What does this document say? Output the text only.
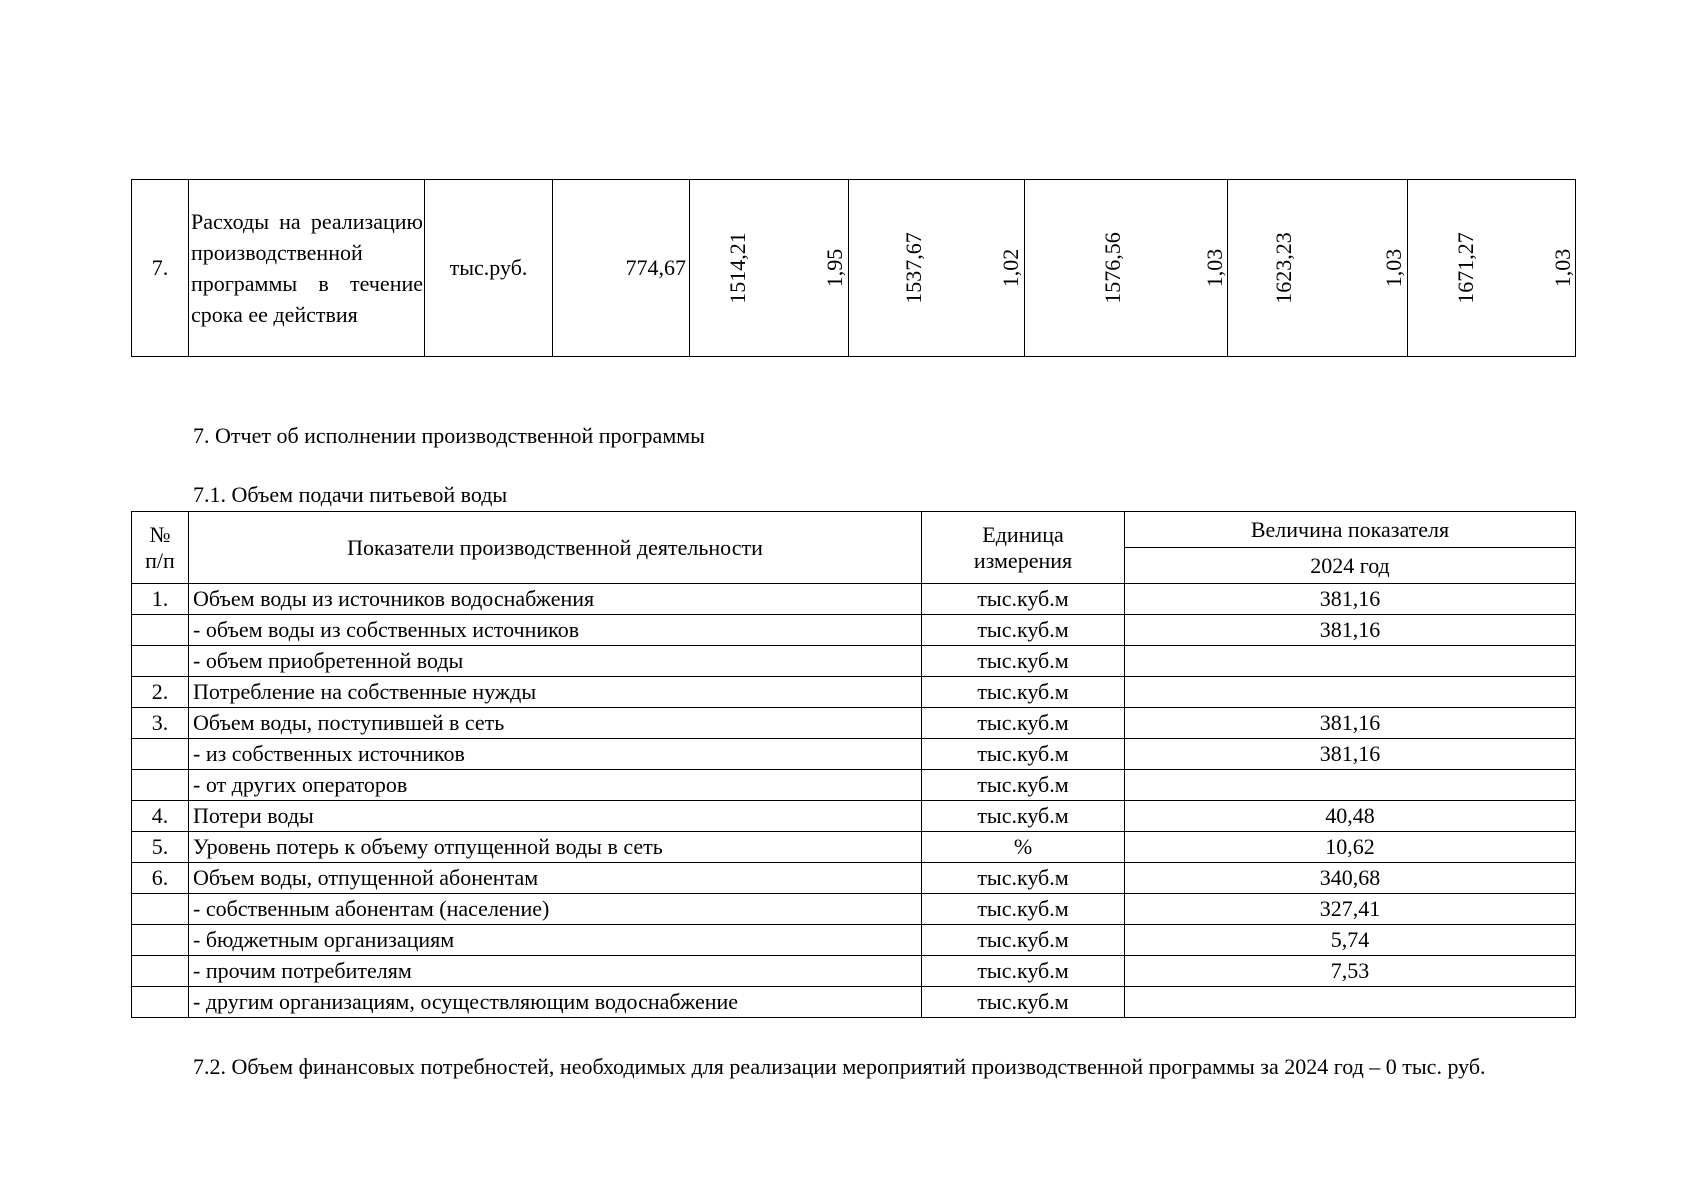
7.	Расходы на реализацию производственной программы в течение срока ее действия	тыс.руб.	774,67	1514,21	1,95	1537,67	1,02	1576,56	1,03	1623,23	1,03	1671,27	1,03
7. Отчет об исполнении производственной программы
7.1. Объем подачи питьевой воды
№ п/п	Показатели производственной деятельности	Единица измерения	Величина показателя
			2024 год
1.	Объем воды из источников водоснабжения	тыс.куб.м	381,16
	- объем воды из собственных источников	тыс.куб.м	381,16
	- объем приобретенной воды	тыс.куб.м	
2.	Потребление на собственные нужды	тыс.куб.м	
3.	Объем воды, поступившей в сеть	тыс.куб.м	381,16
	- из собственных источников	тыс.куб.м	381,16
	- от других операторов	тыс.куб.м	
4.	Потери воды	тыс.куб.м	40,48
5.	Уровень потерь к объему отпущенной воды в сеть	%	10,62
6.	Объем воды, отпущенной абонентам	тыс.куб.м	340,68
	- собственным абонентам (население)	тыс.куб.м	327,41
	- бюджетным организациям	тыс.куб.м	5,74
	- прочим потребителям	тыс.куб.м	7,53
	- другим организациям, осуществляющим водоснабжение	тыс.куб.м	
7.2. Объем финансовых потребностей, необходимых для реализации мероприятий производственной программы за 2024 год – 0 тыс. руб.
